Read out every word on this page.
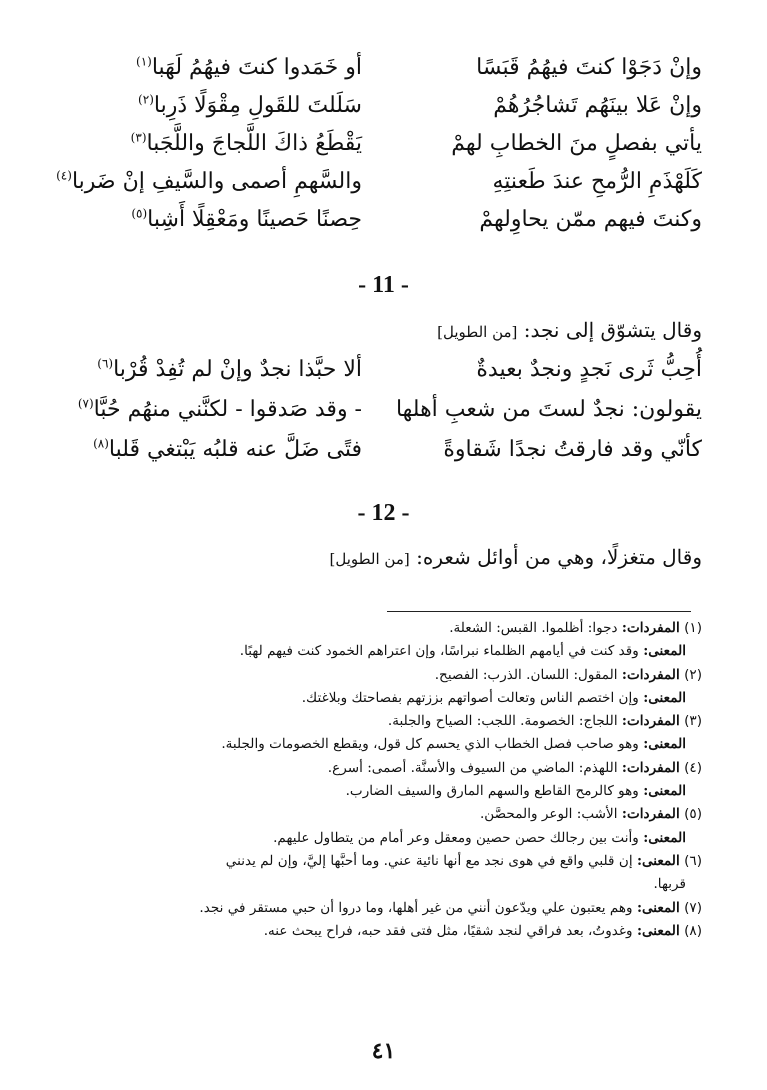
وإنْ دَجَوْا كنتَ فيهُمُ قَبَسًا
أو خَمَدوا كنتَ فيهُمُ لَهَبا$^{(١)}$
وإنْ عَلا بينَهُم تَشاجُرُهُمْ
سَلَلتَ للقَولِ مِقْوَلًا ذَرِبا$^{(٢)}$
يأتي بفصلٍ منَ الخطابِ لهمْ
يَقْطَعُ ذاكَ اللَّجاجَ واللَّجَبا$^{(٣)}$
كَلَهْذَمِ الرُّمحِ عندَ طَعنتِهِ
والسَّهمِ أصمى والسَّيفِ إنْ ضَربا$^{(٤)}$
وكنتَ فيهم ممّن يحاوِلهمْ
حِصنًا حَصينًا ومَعْقِلًا أَشِبا$^{(٥)}$
- 11 -
وقال يتشوّق إلى نجد: [من الطويل]
أُحِبُّ ثَرى نَجدٍ ونجدٌ بعيدةٌ
ألا حبَّذا نجدٌ وإنْ لم تُفِدْ قُرْبا$^{(٦)}$
يقولون: نجدٌ لستَ من شعبِ أهلها
- وقد صَدقوا - لكنَّني منهُم حُبَّا$^{(٧)}$
كأنّي وقد فارقتُ نجدًا شَقاوةً
فتًى ضَلَّ عنه قلبُه يَبْتغي قَلبا$^{(٨)}$
- 12 -
وقال متغزلًا، وهي من أوائل شعره: [من الطويل]
(١) المفردات: دجوا: أظلموا. القبس: الشعلة.
المعنى: وقد كنت في أيامهم الظلماء نبراسًا، وإن اعتراهم الخمود كنت فيهم لهبًا.
(٢) المفردات: المقول: اللسان. الذرب: الفصيح.
المعنى: وإن اختصم الناس وتعالت أصواتهم بززتهم بفصاحتك وبلاغتك.
(٣) المفردات: اللجاج: الخصومة. اللجب: الصياح والجلبة.
المعنى: وهو صاحب فصل الخطاب الذي يحسم كل قول، ويقطع الخصومات والجلبة.
(٤) المفردات: اللهذم: الماضي من السيوف والأسنَّة. أصمى: أسرع.
المعنى: وهو كالرمح القاطع والسهم المارق والسيف الضارب.
(٥) المفردات: الأشب: الوعر والمحصَّن.
المعنى: وأنت بين رجالك حصن حصين ومعقل وعر أمام من يتطاول عليهم.
(٦) المعنى: إن قلبي واقع في هوى نجد مع أنها نائية عني. وما أحبَّها إليَّ، وإن لم يدنني
قربها.
(٧) المعنى: وهم يعتبون علي ويدّعون أنني من غير أهلها، وما دروا أن حبي مستقر في نجد.
(٨) المعنى: وغدوتُ، بعد فراقي لنجد شقيًا، مثل فتى فقد حبه، فراح يبحث عنه.
٤١
